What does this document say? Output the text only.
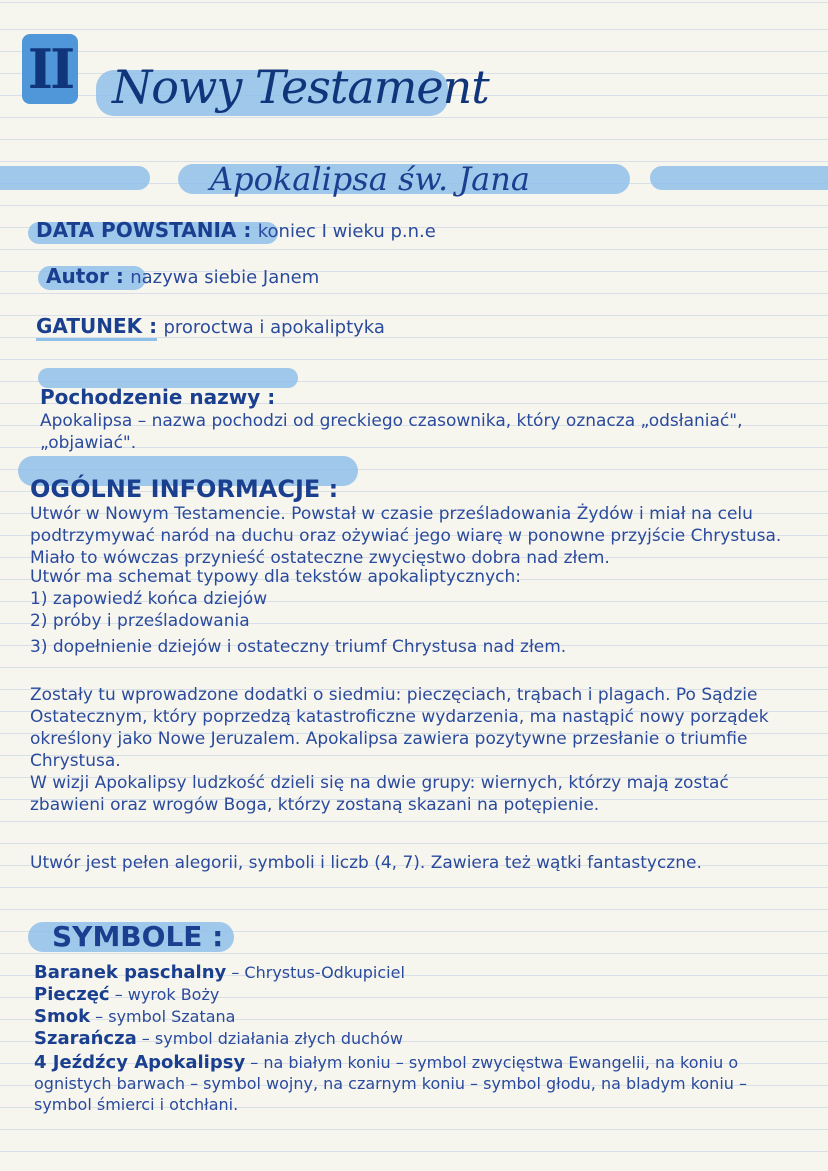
II Nowy Testament
Apokalipsa św. Jana
DATA POWSTANIA : koniec I wieku p.n.e
Autor : nazywa siebie Janem
GATUNEK : proroctwa i apokaliptyka

Pochodzenie nazwy :
Apokalipsa – nazwa pochodzi od greckiego czasownika, który oznacza „odsłaniać", „objawiać".

OGÓLNE INFORMACJE :
Utwór w Nowym Testamencie. Powstał w czasie prześladowania Żydów i miał na celu podtrzymywać naród na duchu oraz ożywiać jego wiarę w ponowne przyjście Chrystusa. Miało to wówczas przynieść ostateczne zwycięstwo dobra nad złem.

Utwór ma schemat typowy dla tekstów apokaliptycznych:
1) zapowiedź końca dziejów
2) próby i prześladowania
3) dopełnienie dziejów i ostateczny triumf Chrystusa nad złem.
Zostały tu wprowadzone dodatki o siedmiu: pieczęciach, trąbach i plagach. Po Sądzie Ostatecznym, który poprzedzą katastroficzne wydarzenia, ma nastąpić nowy porządek określony jako Nowe Jeruzalem. Apokalipsa zawiera pozytywne przesłanie o triumfie Chrystusa.
W wizji Apokalipsy ludzkość dzieli się na dwie grupy: wiernych, którzy mają zostać zbawieni oraz wrogów Boga, którzy zostaną skazani na potępienie.
Utwór jest pełen alegorii, symboli i liczb (4, 7). Zawiera też wątki fantastyczne.
SYMBOLE :
Baranek paschalny – Chrystus-Odkupiciel
Pieczęć – wyrok Boży
Smok – symbol Szatana
Szarańcza – symbol działania złych duchów
4 Jeźdźcy Apokalipsy – na białym koniu – symbol zwycięstwa Ewangelii, na koniu o ognistych barwach – symbol wojny, na czarnym koniu – symbol głodu, na bladym koniu – symbol śmierci i otchłani.
